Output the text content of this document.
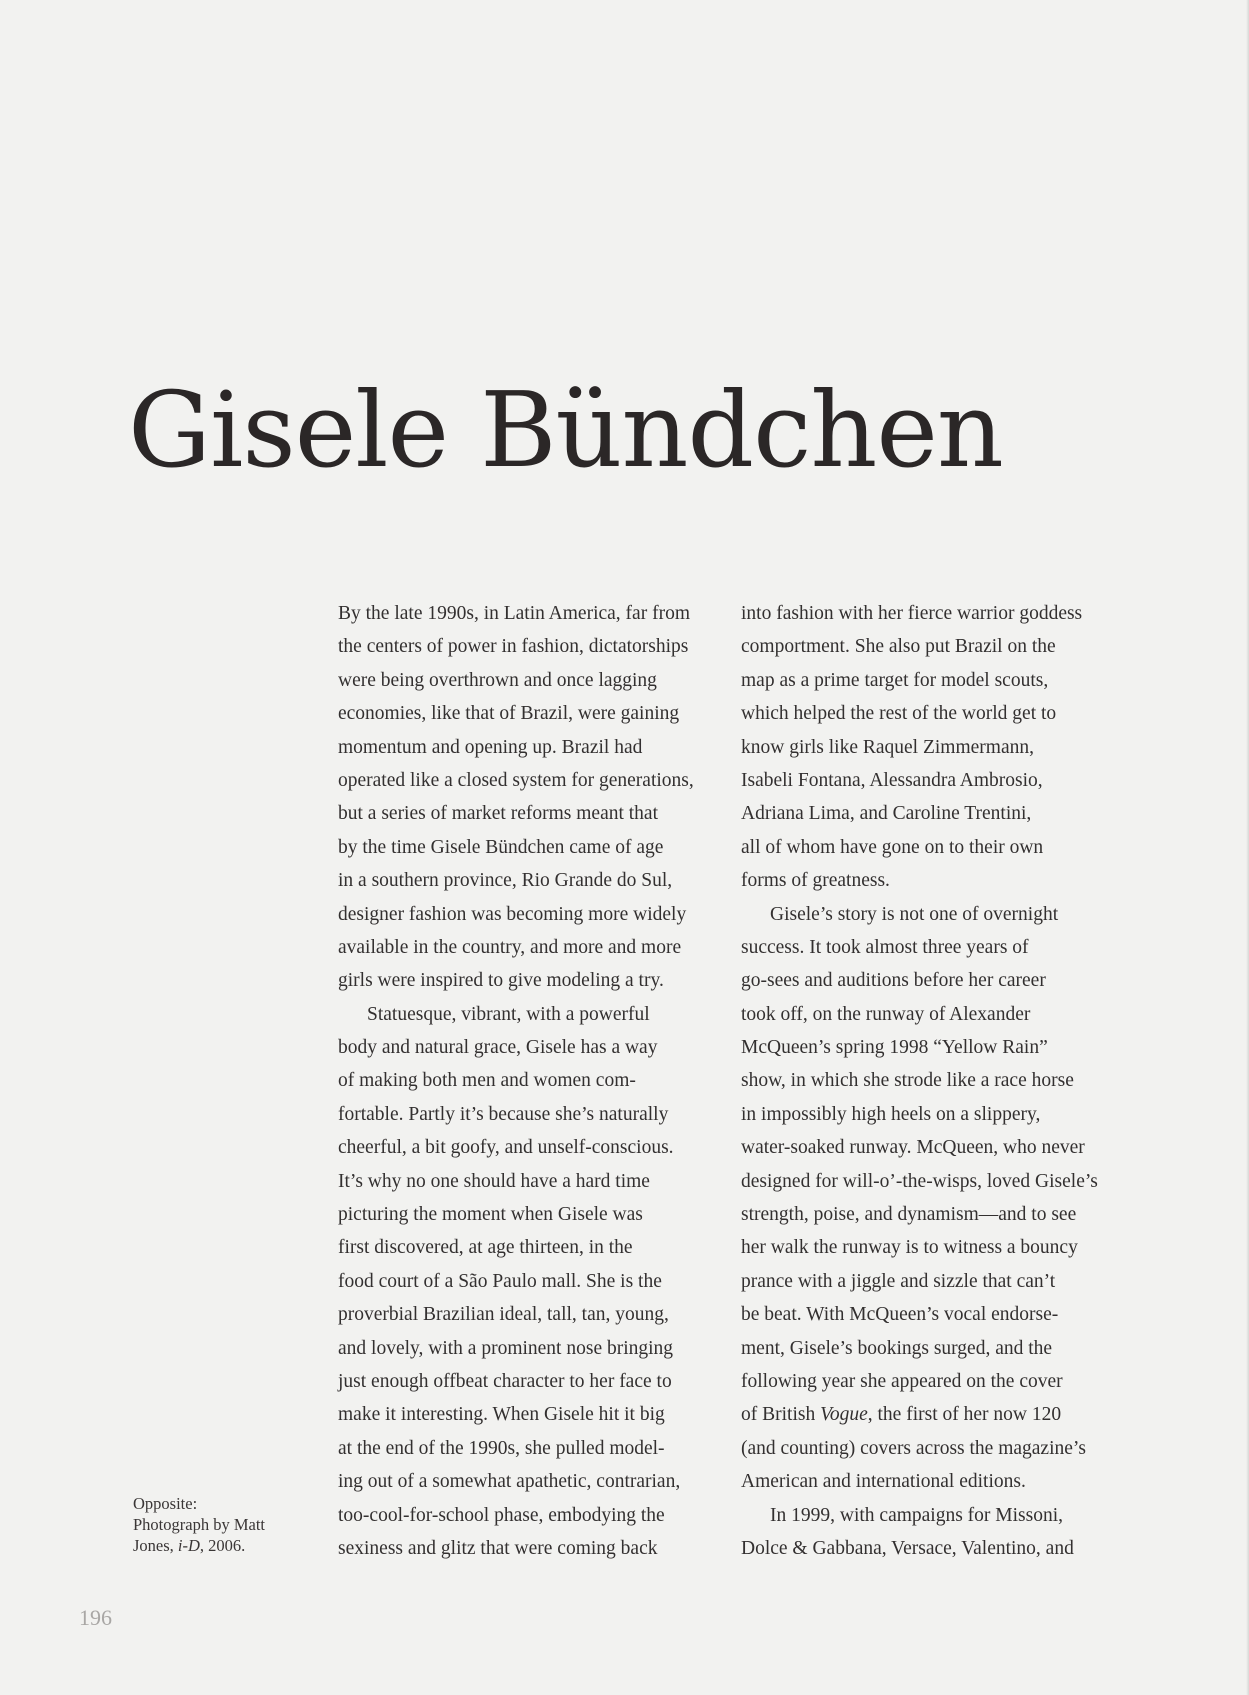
Gisele Bündchen
By the late 1990s, in Latin America, far from
the centers of power in fashion, dictatorships
were being overthrown and once lagging
economies, like that of Brazil, were gaining
momentum and opening up. Brazil had
operated like a closed system for generations,
but a series of market reforms meant that
by the time Gisele Bündchen came of age
in a southern province, Rio Grande do Sul,
designer fashion was becoming more widely
available in the country, and more and more
girls were inspired to give modeling a try.
Statuesque, vibrant, with a powerful
body and natural grace, Gisele has a way
of making both men and women com-
fortable. Partly it’s because she’s naturally
cheerful, a bit goofy, and unself-conscious.
It’s why no one should have a hard time
picturing the moment when Gisele was
first discovered, at age thirteen, in the
food court of a São Paulo mall. She is the
proverbial Brazilian ideal, tall, tan, young,
and lovely, with a prominent nose bringing
just enough offbeat character to her face to
make it interesting. When Gisele hit it big
at the end of the 1990s, she pulled model-
ing out of a somewhat apathetic, contrarian,
too-cool-for-school phase, embodying the
sexiness and glitz that were coming back
into fashion with her fierce warrior goddess
comportment. She also put Brazil on the
map as a prime target for model scouts,
which helped the rest of the world get to
know girls like Raquel Zimmermann,
Isabeli Fontana, Alessandra Ambrosio,
Adriana Lima, and Caroline Trentini,
all of whom have gone on to their own
forms of greatness.
Gisele’s story is not one of overnight
success. It took almost three years of
go-sees and auditions before her career
took off, on the runway of Alexander
McQueen’s spring 1998 “Yellow Rain”
show, in which she strode like a race horse
in impossibly high heels on a slippery,
water-soaked runway. McQueen, who never
designed for will-o’-the-wisps, loved Gisele’s
strength, poise, and dynamism—and to see
her walk the runway is to witness a bouncy
prance with a jiggle and sizzle that can’t
be beat. With McQueen’s vocal endorse-
ment, Gisele’s bookings surged, and the
following year she appeared on the cover
of British Vogue, the first of her now 120
(and counting) covers across the magazine’s
American and international editions.
In 1999, with campaigns for Missoni,
Dolce & Gabbana, Versace, Valentino, and
Opposite:
Photograph by Matt
Jones, i-D, 2006.
196
